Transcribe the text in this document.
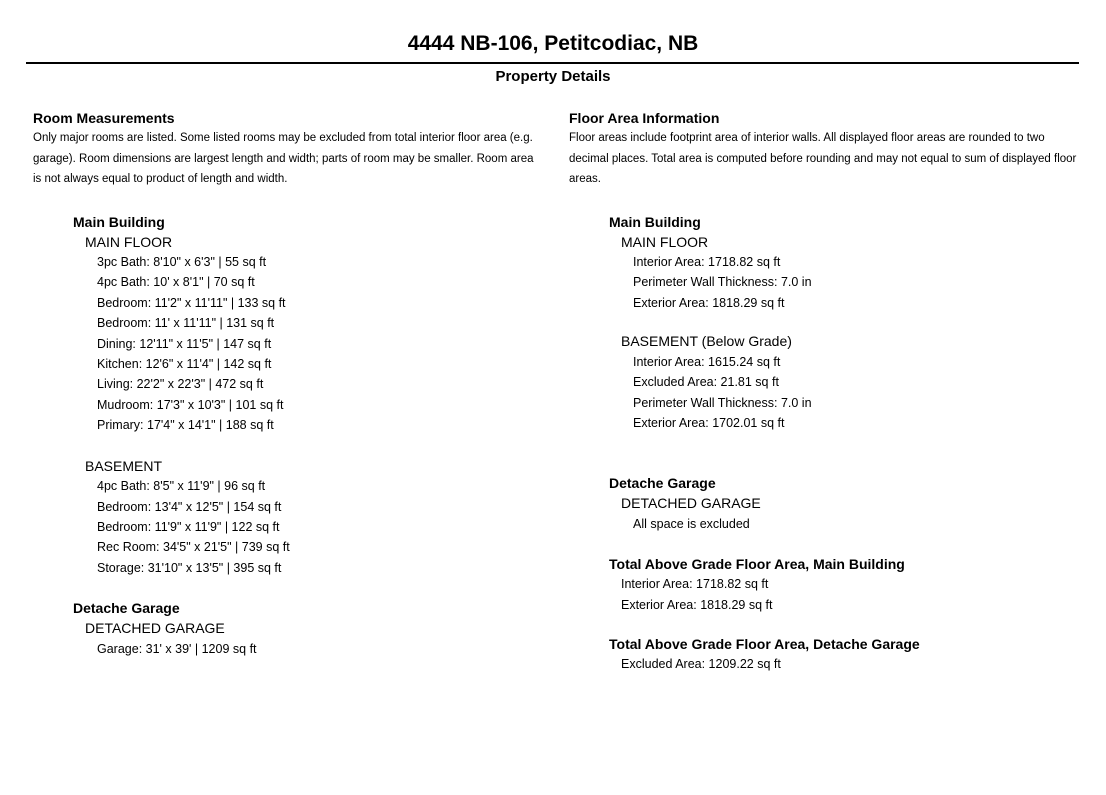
4444 NB-106, Petitcodiac, NB
Property Details
Room Measurements

Only major rooms are listed. Some listed rooms may be excluded from total interior floor area (e.g. garage). Room dimensions are largest length and width; parts of room may be smaller. Room area is not always equal to product of length and width.

Main Building
MAIN FLOOR
3pc Bath: 8'10" x 6'3" | 55 sq ft
4pc Bath: 10' x 8'1" | 70 sq ft
Bedroom: 11'2" x 11'11" | 133 sq ft
Bedroom: 11' x 11'11" | 131 sq ft
Dining: 12'11" x 11'5" | 147 sq ft
Kitchen: 12'6" x 11'4" | 142 sq ft
Living: 22'2" x 22'3" | 472 sq ft
Mudroom: 17'3" x 10'3" | 101 sq ft
Primary: 17'4" x 14'1" | 188 sq ft
BASEMENT
4pc Bath: 8'5" x 11'9" | 96 sq ft
Bedroom: 13'4" x 12'5" | 154 sq ft
Bedroom: 11'9" x 11'9" | 122 sq ft
Rec Room: 34'5" x 21'5" | 739 sq ft
Storage: 31'10" x 13'5" | 395 sq ft
Detache Garage
DETACHED GARAGE
Garage: 31' x 39' | 1209 sq ft
Floor Area Information

Floor areas include footprint area of interior walls. All displayed floor areas are rounded to two decimal places. Total area is computed before rounding and may not equal to sum of displayed floor areas.

Main Building
MAIN FLOOR
Interior Area: 1718.82 sq ft
Perimeter Wall Thickness: 7.0 in
Exterior Area: 1818.29 sq ft
BASEMENT (Below Grade)
Interior Area: 1615.24 sq ft
Excluded Area: 21.81 sq ft
Perimeter Wall Thickness: 7.0 in
Exterior Area: 1702.01 sq ft
Detache Garage
DETACHED GARAGE
All space is excluded
Total Above Grade Floor Area, Main Building
Interior Area: 1718.82 sq ft
Exterior Area: 1818.29 sq ft
Total Above Grade Floor Area, Detache Garage
Excluded Area: 1209.22 sq ft
